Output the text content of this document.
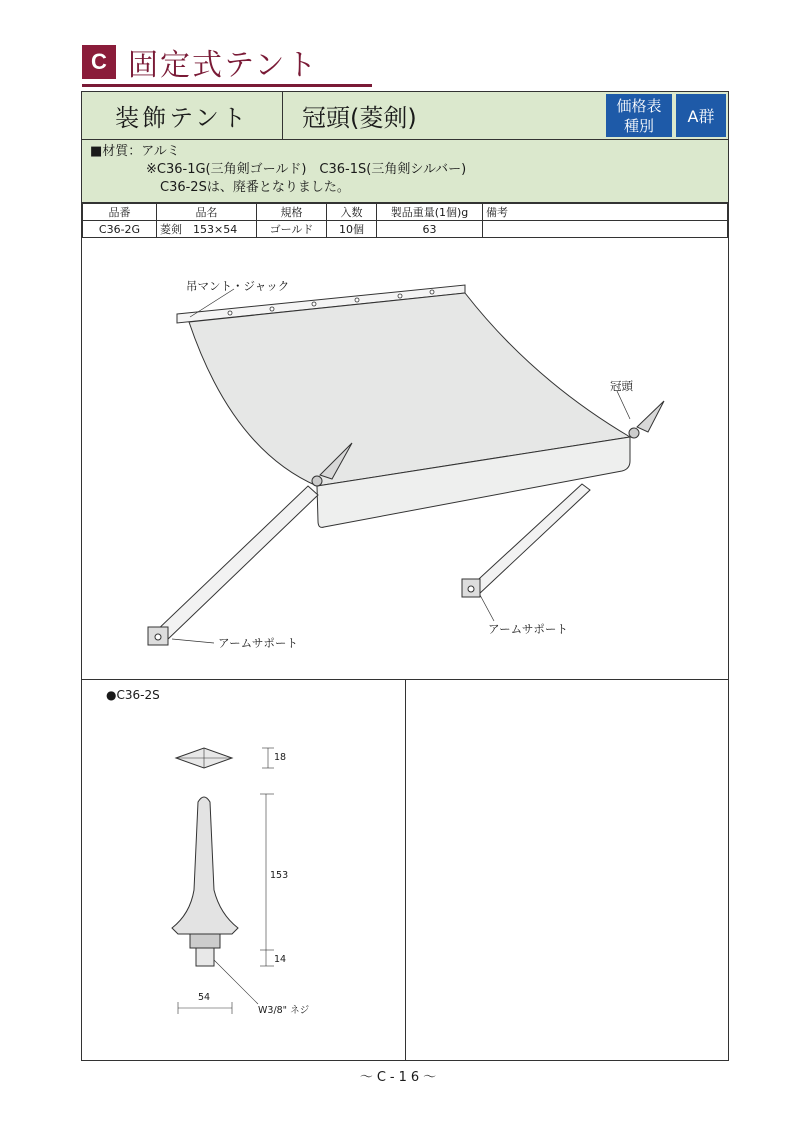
C 固定式テント
装飾テント	冠頭(菱剣)	価格表
種別	A群
■材質：アルミ
※C36-1G(三角剣ゴールド)　C36-1S(三角剣シルバー)
C36-2Sは、廃番となりました。
品番	品名	規格	入数	製品重量(1個)g	備考
C36-2G	菱剣　153×54	ゴールド	10個	63	
吊マント・ジャック
冠頭
アームサポート
アームサポート
●C36-2S
18
153
14
54
W3/8" ネジ
～C-16～
